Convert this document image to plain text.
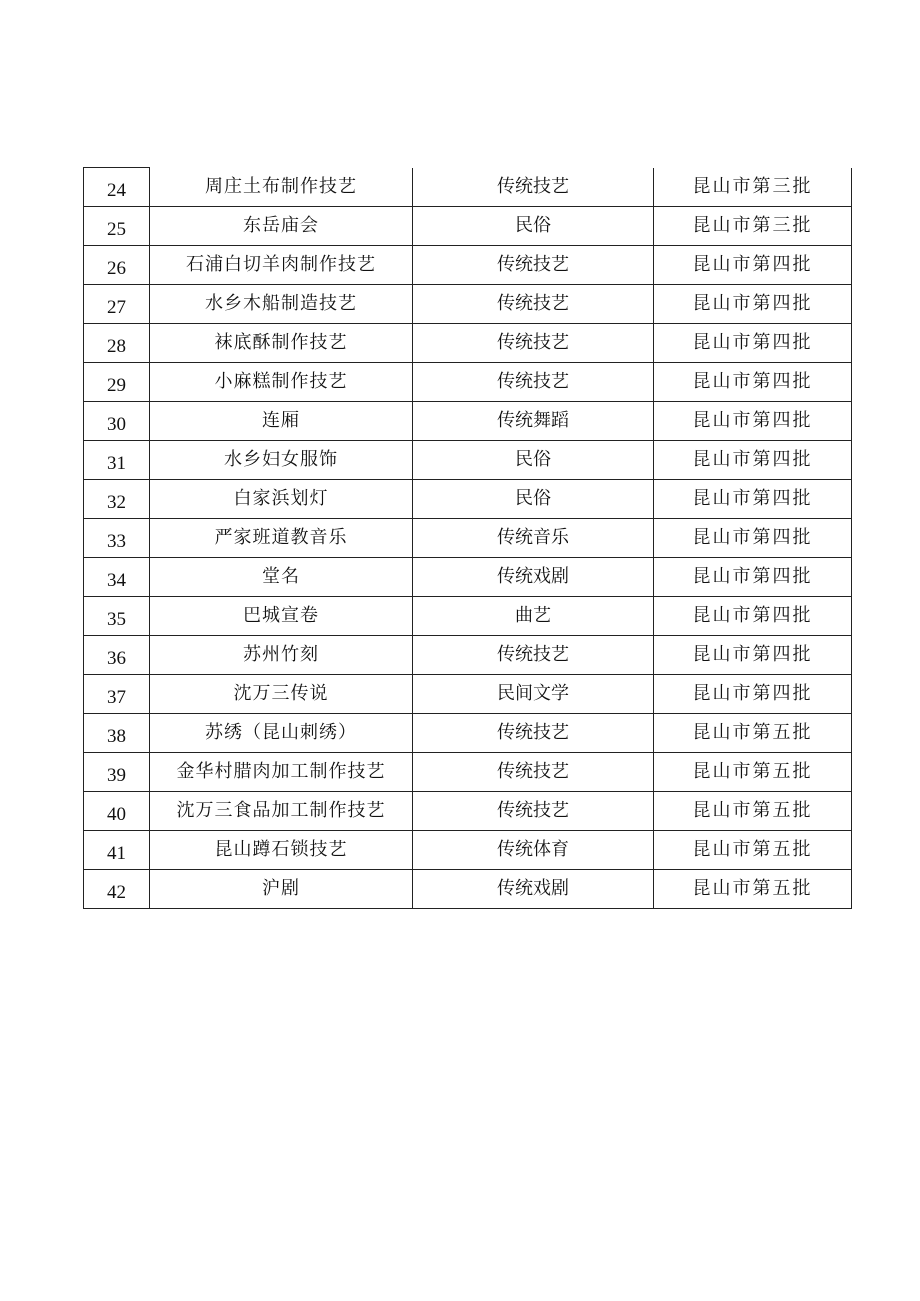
24	周庄土布制作技艺	传统技艺	昆山市第三批
25	东岳庙会	民俗	昆山市第三批
26	石浦白切羊肉制作技艺	传统技艺	昆山市第四批
27	水乡木船制造技艺	传统技艺	昆山市第四批
28	袜底酥制作技艺	传统技艺	昆山市第四批
29	小麻糕制作技艺	传统技艺	昆山市第四批
30	连厢	传统舞蹈	昆山市第四批
31	水乡妇女服饰	民俗	昆山市第四批
32	白家浜划灯	民俗	昆山市第四批
33	严家班道教音乐	传统音乐	昆山市第四批
34	堂名	传统戏剧	昆山市第四批
35	巴城宣卷	曲艺	昆山市第四批
36	苏州竹刻	传统技艺	昆山市第四批
37	沈万三传说	民间文学	昆山市第四批
38	苏绣（昆山刺绣）	传统技艺	昆山市第五批
39	金华村腊肉加工制作技艺	传统技艺	昆山市第五批
40	沈万三食品加工制作技艺	传统技艺	昆山市第五批
41	昆山蹲石锁技艺	传统体育	昆山市第五批
42	沪剧	传统戏剧	昆山市第五批
